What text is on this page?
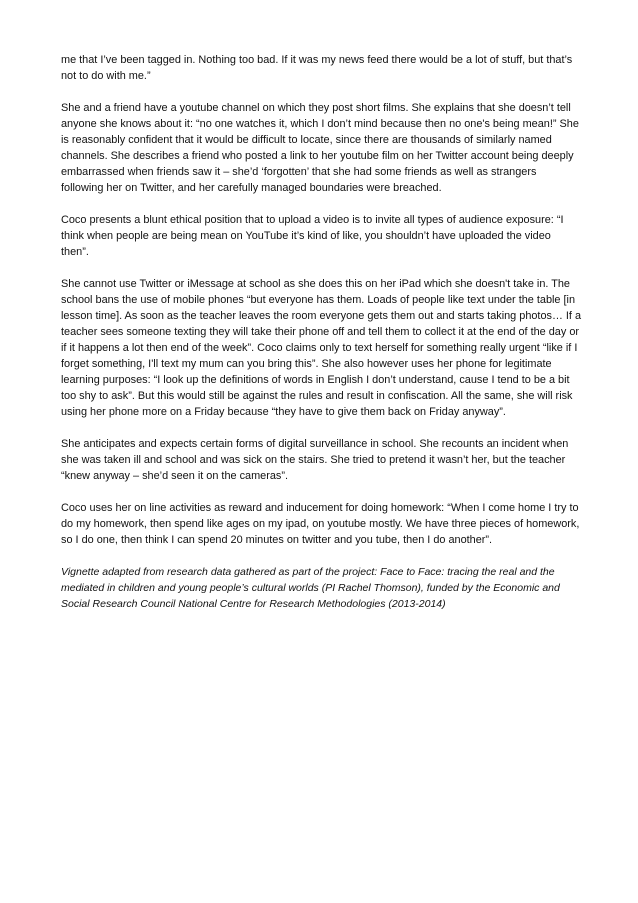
me that I’ve been tagged in. Nothing too bad. If it was my news feed there would be a lot of stuff, but that’s not to do with me.”

She and a friend have a youtube channel on which they post short films. She explains that she doesn’t tell anyone she knows about it: “no one watches it, which I don’t mind because then no one's being mean!” She is reasonably confident that it would be difficult to locate, since there are thousands of similarly named channels. She describes a friend who posted a link to her youtube film on her Twitter account being deeply embarrassed when friends saw it – she’d ‘forgotten’ that she had some friends as well as strangers following her on Twitter, and her carefully managed boundaries were breached.

Coco presents a blunt ethical position that to upload a video is to invite all types of audience exposure: “I think when people are being mean on YouTube it’s kind of like, you shouldn’t have uploaded the video then”.

She cannot use Twitter or iMessage at school as she does this on her iPad which she doesn't take in. The school bans the use of mobile phones “but everyone has them. Loads of people like text under the table [in lesson time]. As soon as the teacher leaves the room everyone gets them out and starts taking photos… If a teacher sees someone texting they will take their phone off and tell them to collect it at the end of the day or if it happens a lot then end of the week”. Coco claims only to text herself for something really urgent “like if I forget something, I'll text my mum can you bring this”. She also however uses her phone for legitimate learning purposes: “I look up the definitions of words in English I don’t understand, cause I tend to be a bit too shy to ask”. But this would still be against the rules and result in confiscation. All the same, she will risk using her phone more on a Friday because “they have to give them back on Friday anyway”.

She anticipates and expects certain forms of digital surveillance in school. She recounts an incident when she was taken ill and school and was sick on the stairs. She tried to pretend it wasn’t her, but the teacher “knew anyway – she’d seen it on the cameras”.

Coco uses her on line activities as reward and inducement for doing homework: “When I come home I try to do my homework, then spend like ages on my ipad, on youtube mostly. We have three pieces of homework, so I do one, then think I can spend 20 minutes on twitter and you tube, then I do another”.

Vignette adapted from research data gathered as part of the project: Face to Face: tracing the real and the mediated in children and young people’s cultural worlds (PI Rachel Thomson), funded by the Economic and Social Research Council National Centre for Research Methodologies (2013-2014)
